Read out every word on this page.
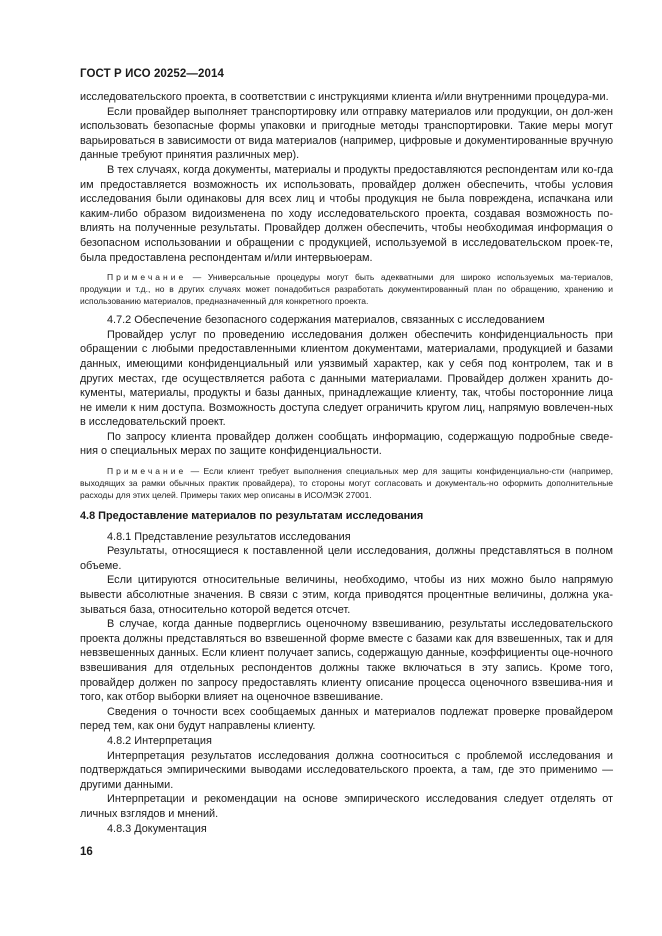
ГОСТ Р ИСО 20252—2014

исследовательского проекта, в соответствии с инструкциями клиента и/или внутренними процедура-ми.

Если провайдер выполняет транспортировку или отправку материалов или продукции, он дол-жен использовать безопасные формы упаковки и пригодные методы транспортировки. Такие меры могут варьироваться в зависимости от вида материалов (например, цифровые и документированные вручную данные требуют принятия различных мер).

В тех случаях, когда документы, материалы и продукты предоставляются респондентам или ко-гда им предоставляется возможность их использовать, провайдер должен обеспечить, чтобы условия исследования были одинаковы для всех лиц и чтобы продукция не была повреждена, испачкана или каким-либо образом видоизменена по ходу исследовательского проекта, создавая возможность по-влиять на полученные результаты. Провайдер должен обеспечить, чтобы необходимая информация о безопасном использовании и обращении с продукцией, используемой в исследовательском проек-те, была предоставлена респондентам и/или интервьюерам.

Примечание — Универсальные процедуры могут быть адекватными для широко используемых ма-териалов, продукции и т.д., но в других случаях может понадобиться разработать документированный план по обращению, хранению и использованию материалов, предназначенный для конкретного проекта.

4.7.2 Обеспечение безопасного содержания материалов, связанных с исследованием

Провайдер услуг по проведению исследования должен обеспечить конфиденциальность при обращении с любыми предоставленными клиентом документами, материалами, продукцией и базами данных, имеющими конфиденциальный или уязвимый характер, как у себя под контролем, так и в других местах, где осуществляется работа с данными материалами. Провайдер должен хранить до-кументы, материалы, продукты и базы данных, принадлежащие клиенту, так, чтобы посторонние лица не имели к ним доступа. Возможность доступа следует ограничить кругом лиц, напрямую вовлечен-ных в исследовательский проект.

По запросу клиента провайдер должен сообщать информацию, содержащую подробные сведе-ния о специальных мерах по защите конфиденциальности.

Примечание — Если клиент требует выполнения специальных мер для защиты конфиденциально-сти (например, выходящих за рамки обычных практик провайдера), то стороны могут согласовать и документаль-но оформить дополнительные расходы для этих целей. Примеры таких мер описаны в ИСО/МЭК 27001.

4.8 Предоставление материалов по результатам исследования

4.8.1 Представление результатов исследования

Результаты, относящиеся к поставленной цели исследования, должны представляться в полном объеме.

Если цитируются относительные величины, необходимо, чтобы из них можно было напрямую вывести абсолютные значения. В связи с этим, когда приводятся процентные величины, должна ука-зываться база, относительно которой ведется отсчет.

В случае, когда данные подверглись оценочному взвешиванию, результаты исследовательского проекта должны представляться во взвешенной форме вместе с базами как для взвешенных, так и для невзвешенных данных. Если клиент получает запись, содержащую данные, коэффициенты оце-ночного взвешивания для отдельных респондентов должны также включаться в эту запись. Кроме того, провайдер должен по запросу предоставлять клиенту описание процесса оценочного взвешива-ния и того, как отбор выборки влияет на оценочное взвешивание.

Сведения о точности всех сообщаемых данных и материалов подлежат проверке провайдером перед тем, как они будут направлены клиенту.

4.8.2 Интерпретация

Интерпретация результатов исследования должна соотноситься с проблемой исследования и подтверждаться эмпирическими выводами исследовательского проекта, а там, где это применимо — другими данными.

Интерпретации и рекомендации на основе эмпирического исследования следует отделять от личных взглядов и мнений.

4.8.3 Документация

16
